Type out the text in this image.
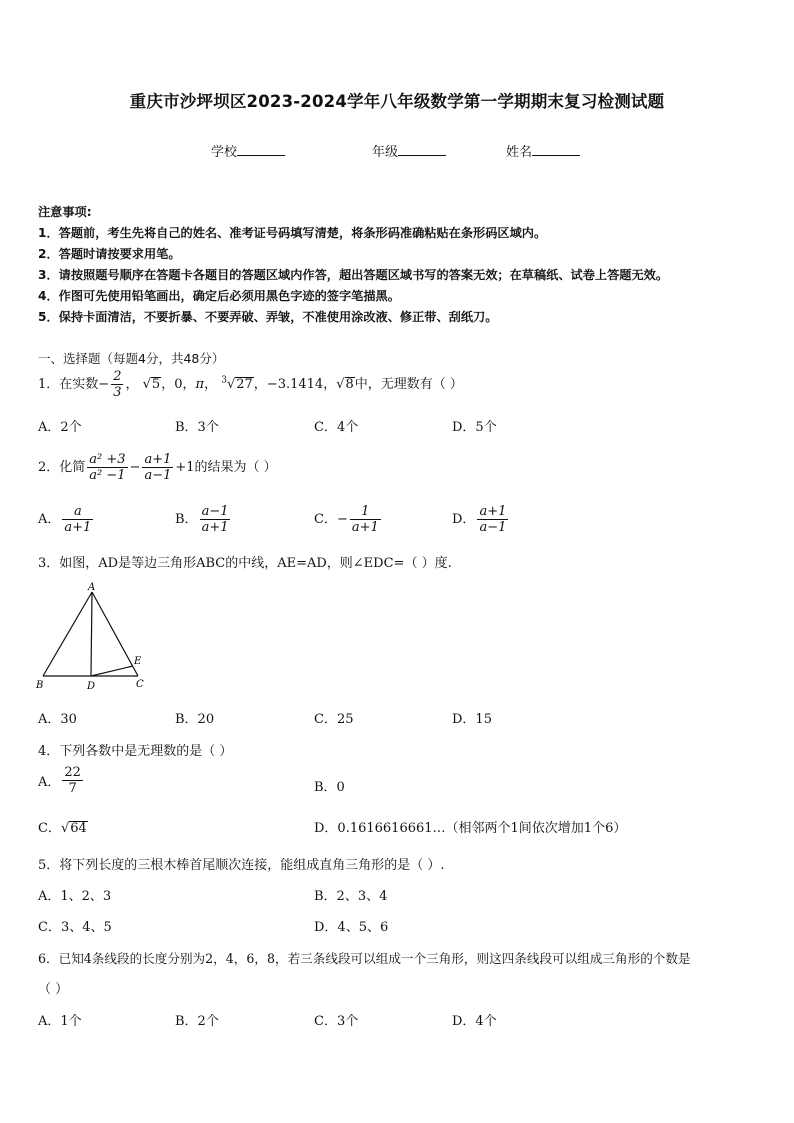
重庆市沙坪坝区2023-2024学年八年级数学第一学期期末复习检测试题
学校	年级	姓名
注意事项:
1．答题前，考生先将自己的姓名、准考证号码填写清楚，将条形码准确粘贴在条形码区域内。
2．答题时请按要求用笔。
3．请按照题号顺序在答题卡各题目的答题区域内作答，超出答题区域书写的答案无效；在草稿纸、试卷上答题无效。
4．作图可先使用铅笔画出，确定后必须用黑色字迹的签字笔描黑。
5．保持卡面清洁，不要折暴、不要弄破、弄皱，不准使用涂改液、修正带、刮纸刀。
一、选择题（每题4分，共48分）
1．在实数− $\frac{2}{3}$ ， √5，0，π， $^3$√27，−3.1414，√8中，无理数有（ ）
A．2个	B．3个	C．4个	D．5个
2．化简 $\frac{\text{a² +3}}{\text{a² −1}} - \frac{a+1}{a-1} +1$的结果为（ ）
A． $\frac{a}{a+1}$	B． $\frac{a-1}{a+1}$	C．− $\frac{1}{a+1}$	D． $\frac{a+1}{a-1}$
3．如图，AD是等边三角形ABC的中线，AE=AD，则∠EDC=（ ）度.
A
B	D	C
E
A．30	B．20	C．25	D．15
4．下列各数中是无理数的是（ ）
A． $\frac{22}{7}$	B．0
C．√64	D．0.1616616661…（相邻两个1间依次增加1个6）
5．将下列长度的三根木棒首尾顺次连接，能组成直角三角形的是（ ）.
A．1、2、3	B．2、3、4
C．3、4、5	D．4、5、6
6．已知4条线段的长度分别为2，4，6，8，若三条线段可以组成一个三角形，则这四条线段可以组成三角形的个数是
（ ）
A．1个	B．2个	C．3个	D．4个
